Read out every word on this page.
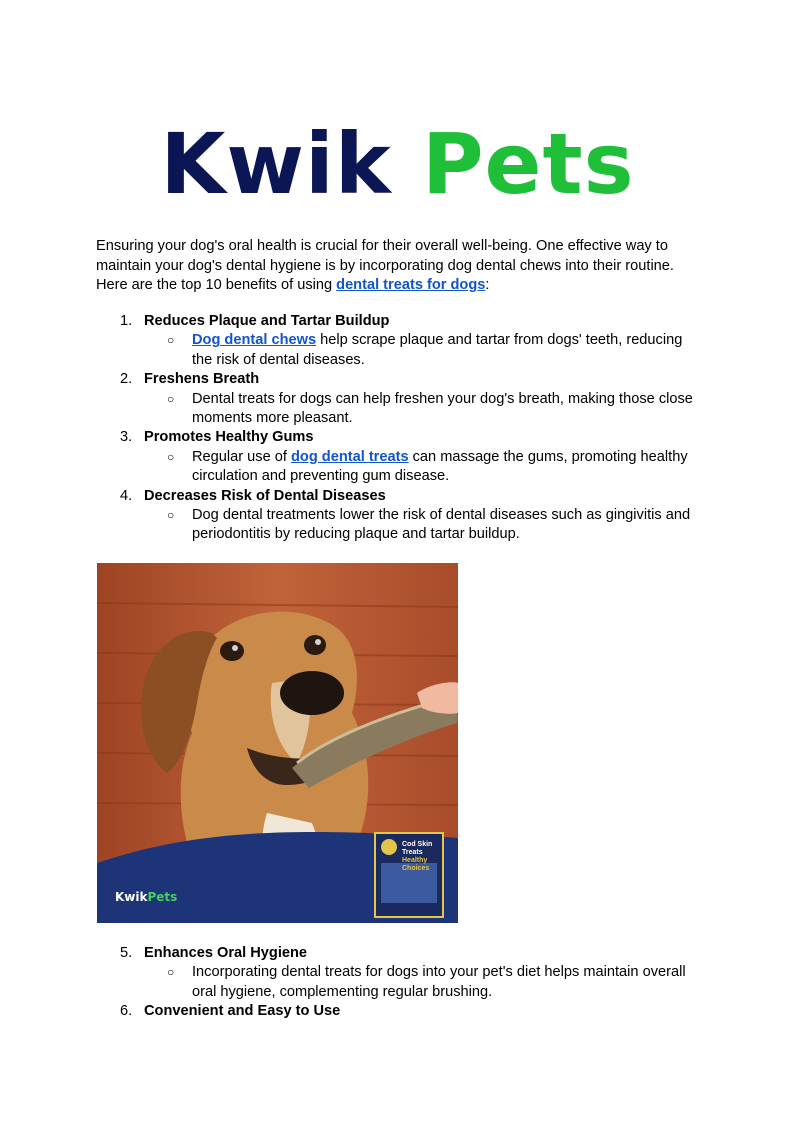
Kwik Pets

Ensuring your dog's oral health is crucial for their overall well-being. One effective way to maintain your dog's dental hygiene is by incorporating dog dental chews into their routine. Here are the top 10 benefits of using dental treats for dogs:

1. Reduces Plaque and Tartar Buildup
○ Dog dental chews help scrape plaque and tartar from dogs' teeth, reducing the risk of dental diseases.
2. Freshens Breath
○ Dental treats for dogs can help freshen your dog's breath, making those close moments more pleasant.
3. Promotes Healthy Gums
○ Regular use of dog dental treats can massage the gums, promoting healthy circulation and preventing gum disease.
4. Decreases Risk of Dental Diseases
○ Dog dental treatments lower the risk of dental diseases such as gingivitis and periodontitis by reducing plaque and tartar buildup.
Cod Skin
Treats
Healthy
Choices
KwikPets
5. Enhances Oral Hygiene
○ Incorporating dental treats for dogs into your pet's diet helps maintain overall oral hygiene, complementing regular brushing.
6. Convenient and Easy to Use
